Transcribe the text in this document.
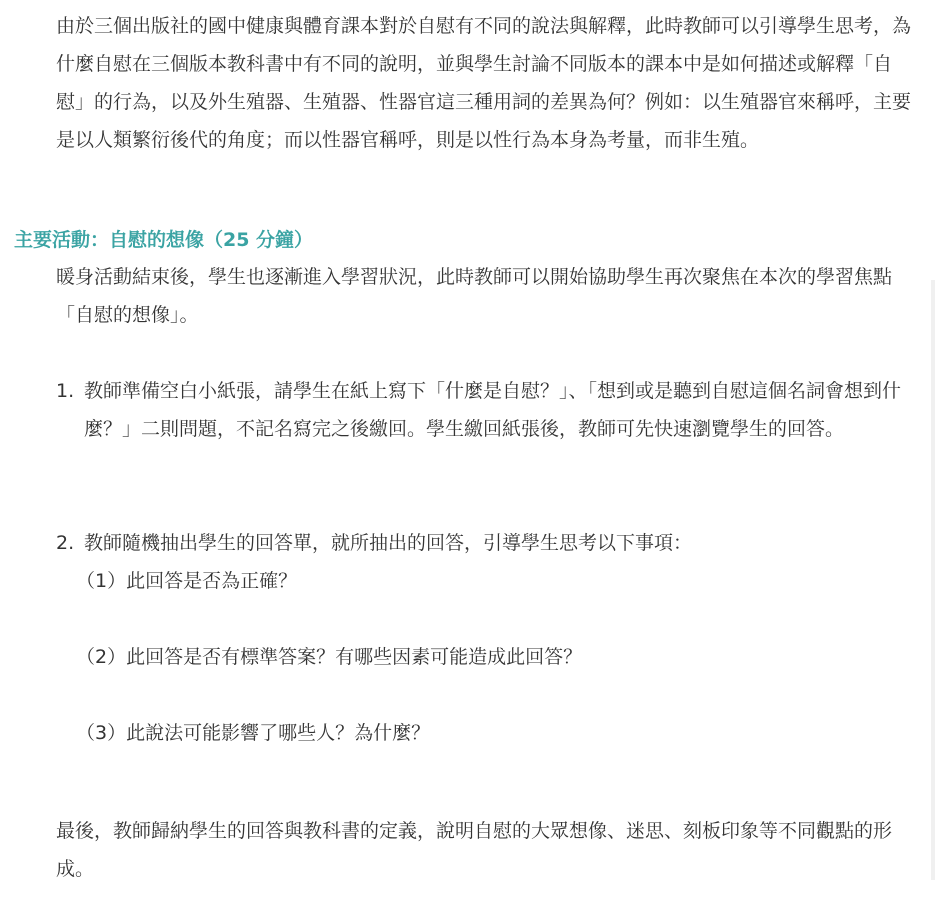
由於三個出版社的國中健康與體育課本對於自慰有不同的說法與解釋，此時教師可以引導學生思考，為什麼自慰在三個版本教科書中有不同的說明，並與學生討論不同版本的課本中是如何描述或解釋「自慰」的行為，以及外生殖器、生殖器、性器官這三種用詞的差異為何？例如：以生殖器官來稱呼，主要是以人類繁衍後代的角度；而以性器官稱呼，則是以性行為本身為考量，而非生殖。

主要活動：自慰的想像（25 分鐘）

暖身活動結束後，學生也逐漸進入學習狀況，此時教師可以開始協助學生再次聚焦在本次的學習焦點「自慰的想像」。

1. 教師準備空白小紙張，請學生在紙上寫下「什麼是自慰？」、「想到或是聽到自慰這個名詞會想到什麼？」二則問題，不記名寫完之後繳回。學生繳回紙張後，教師可先快速瀏覽學生的回答。
2. 教師隨機抽出學生的回答單，就所抽出的回答，引導學生思考以下事項：
（1）此回答是否為正確？
（2）此回答是否有標準答案？有哪些因素可能造成此回答？
（3）此說法可能影響了哪些人？為什麼？

最後，教師歸納學生的回答與教科書的定義，說明自慰的大眾想像、迷思、刻板印象等不同觀點的形成。
